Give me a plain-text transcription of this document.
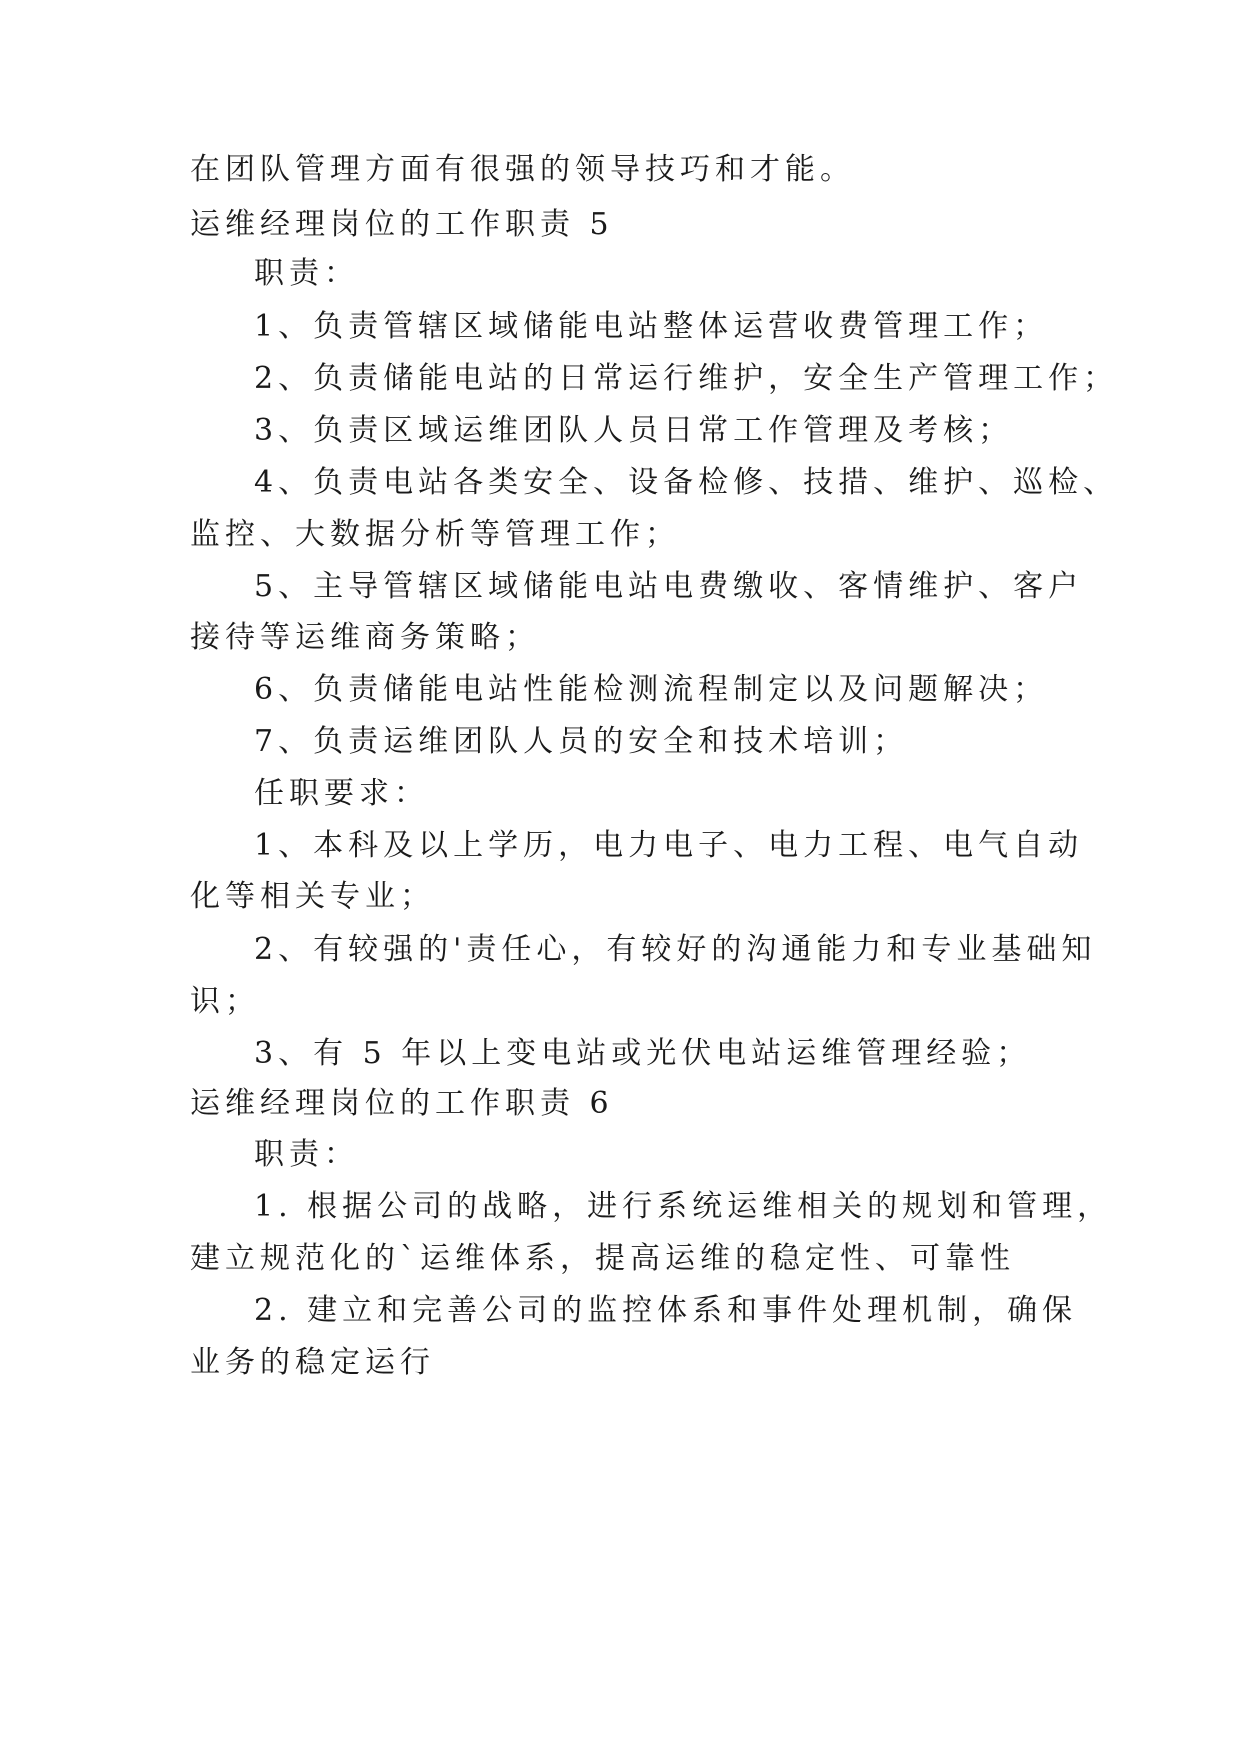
在团队管理方面有很强的领导技巧和才能。
运维经理岗位的工作职责 5
职责：
1、负责管辖区域储能电站整体运营收费管理工作；
2、负责储能电站的日常运行维护，安全生产管理工作；
3、负责区域运维团队人员日常工作管理及考核；
4、负责电站各类安全、设备检修、技措、维护、巡检、
监控、大数据分析等管理工作；
5、主导管辖区域储能电站电费缴收、客情维护、客户
接待等运维商务策略；
6、负责储能电站性能检测流程制定以及问题解决；
7、负责运维团队人员的安全和技术培训；
任职要求：
1、本科及以上学历，电力电子、电力工程、电气自动
化等相关专业；
2、有较强的'责任心，有较好的沟通能力和专业基础知
识；
3、有 5 年以上变电站或光伏电站运维管理经验；
运维经理岗位的工作职责 6
职责：
1. 根据公司的战略，进行系统运维相关的规划和管理，
建立规范化的`运维体系，提高运维的稳定性、可靠性
2. 建立和完善公司的监控体系和事件处理机制，确保
业务的稳定运行
